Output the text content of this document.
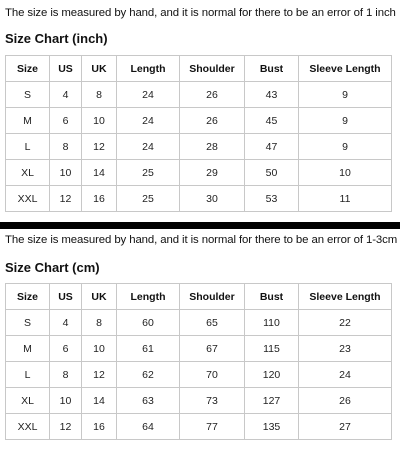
The size is measured by hand, and it is normal for there to be an error of 1 inch
Size Chart (inch)
Size	US	UK	Length	Shoulder	Bust	Sleeve Length
S	4	8	24	26	43	9
M	6	10	24	26	45	9
L	8	12	24	28	47	9
XL	10	14	25	29	50	10
XXL	12	16	25	30	53	11
The size is measured by hand, and it is normal for there to be an error of 1-3cm
Size Chart (cm)
Size	US	UK	Length	Shoulder	Bust	Sleeve Length
S	4	8	60	65	110	22
M	6	10	61	67	115	23
L	8	12	62	70	120	24
XL	10	14	63	73	127	26
XXL	12	16	64	77	135	27
